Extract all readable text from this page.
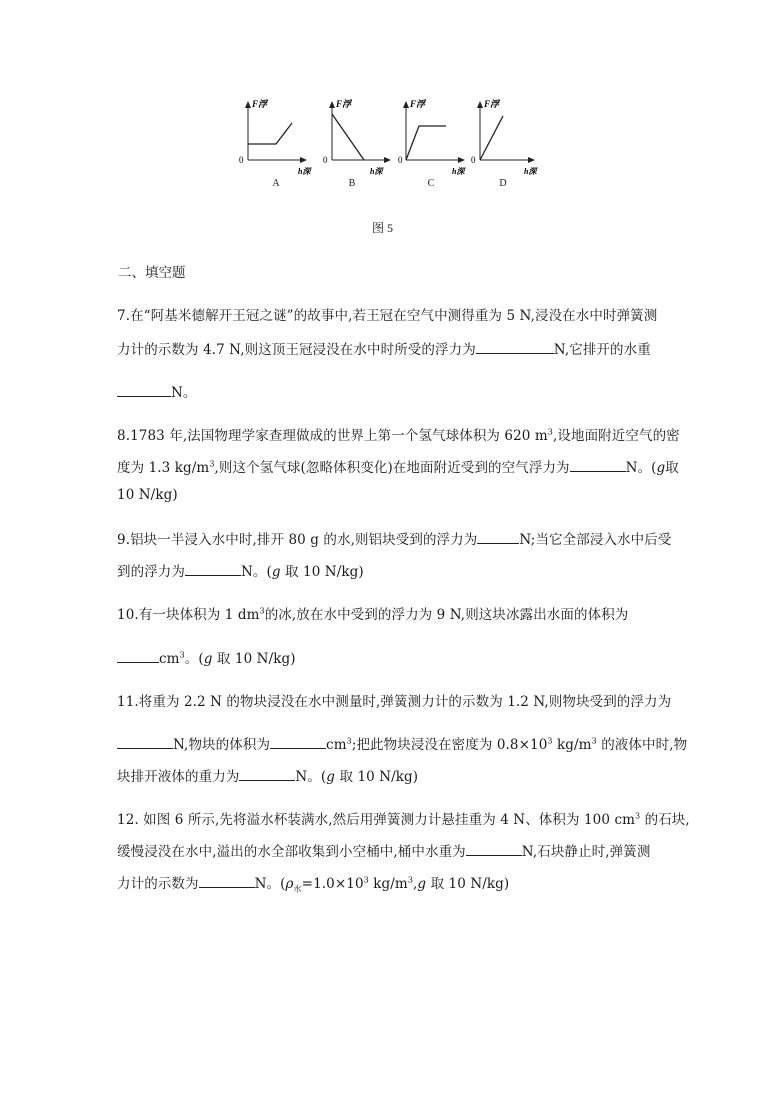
F浮
0
h深
A
F浮
0
h深
B
F浮
0
h深
C
F浮
0
h深
D
图 5
二、填空题
7.在“阿基米德解开王冠之谜”的故事中,若王冠在空气中测得重为 5 N,浸没在水中时弹簧测
力计的示数为 4.7 N,则这顶王冠浸没在水中时所受的浮力为	N,它排开的水重
N。
8.1783 年,法国物理学家查理做成的世界上第一个氢气球体积为 620 $m^3$,设地面附近空气的密
度为 1.3 $kg/m^3$,则这个氢气球(忽略体积变化)在地面附近受到的空气浮力为	N。(g取
10 N/kg)
9.铝块一半浸入水中时,排开 80 g 的水,则铝块受到的浮力为	N;当它全部浸入水中后受
到的浮力为	N。(g 取 10 N/kg)
10.有一块体积为 1 $dm^3$的冰,放在水中受到的浮力为 9 N,则这块冰露出水面的体积为
$cm^3$。(g 取 10 N/kg)
11.将重为 2.2 N 的物块浸没在水中测量时,弹簧测力计的示数为 1.2 N,则物块受到的浮力为
N,物块的体积为	$cm^3$;把此物块浸没在密度为 $0.8\times 10^3$ $kg/m^3$ 的液体中时,物
块排开液体的重力为	N。(g 取 10 N/kg)
12. 如图 6 所示,先将溢水杯装满水,然后用弹簧测力计悬挂重为 4 N、体积为 100 $cm^3$ 的石块,
缓慢浸没在水中,溢出的水全部收集到小空桶中,桶中水重为	N,石块静止时,弹簧测
力计的示数为	N。($\rho_水=1.0\times 10^3$ $kg/m^3,g$ 取 10 N/kg)
